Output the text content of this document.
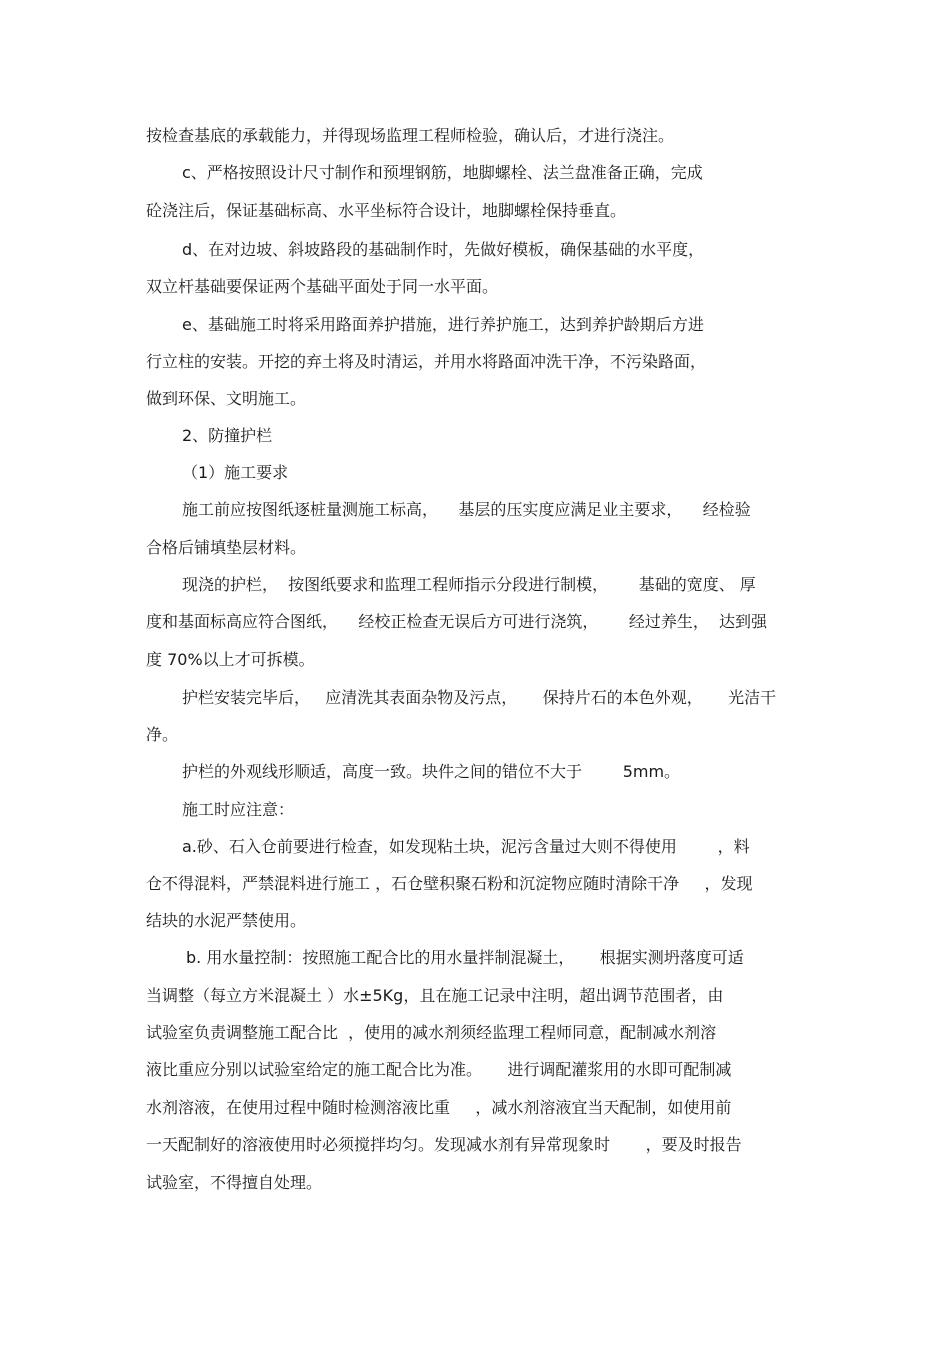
按检查基底的承载能力，并得现场监理工程师检验，确认后，才进行浇注。
c、严格按照设计尺寸制作和预埋钢筋，地脚螺栓、法兰盘准备正确，完成
砼浇注后，保证基础标高、水平坐标符合设计，地脚螺栓保持垂直。
d、在对边坡、斜坡路段的基础制作时，先做好模板，确保基础的水平度，
双立杆基础要保证两个基础平面处于同一水平面。
e、基础施工时将采用路面养护措施，进行养护施工，达到养护龄期后方进
行立柱的安装。开挖的弃土将及时清运，并用水将路面冲洗干净，不污染路面，
做到环保、文明施工。
2、防撞护栏
（1）施工要求
施工前应按图纸逐桩量测施工标高，    基层的压实度应满足业主要求，    经检验
合格后铺填垫层材料。
现浇的护栏，  按图纸要求和监理工程师指示分段进行制模，      基础的宽度、 厚
度和基面标高应符合图纸，    经校正检查无误后方可进行浇筑，      经过养生，  达到强
度 70%以上才可拆模。
护栏安装完毕后，   应清洗其表面杂物及污点，     保持片石的本色外观，     光洁干
净。
护栏的外观线形顺适，高度一致。块件之间的错位不大于        5mm。
施工时应注意：
a.砂、石入仓前要进行检查，如发现粘土块，泥污含量过大则不得使用        ，料
仓不得混料，严禁混料进行施工 ，石仓壁积聚石粉和沉淀物应随时清除干净     ，发现
结块的水泥严禁使用。
b. 用水量控制：按照施工配合比的用水量拌制混凝土，     根据实测坍落度可适
当调整（每立方米混凝土 ）水±5Kg，且在施工记录中注明，超出调节范围者，由
试验室负责调整施工配合比  ，使用的减水剂须经监理工程师同意，配制减水剂溶
液比重应分别以试验室给定的施工配合比为准。     进行调配灌浆用的水即可配制减
水剂溶液，在使用过程中随时检测溶液比重     ，减水剂溶液宜当天配制，如使用前
一天配制好的溶液使用时必须搅拌均匀。发现减水剂有异常现象时       ，要及时报告
试验室，不得擅自处理。
